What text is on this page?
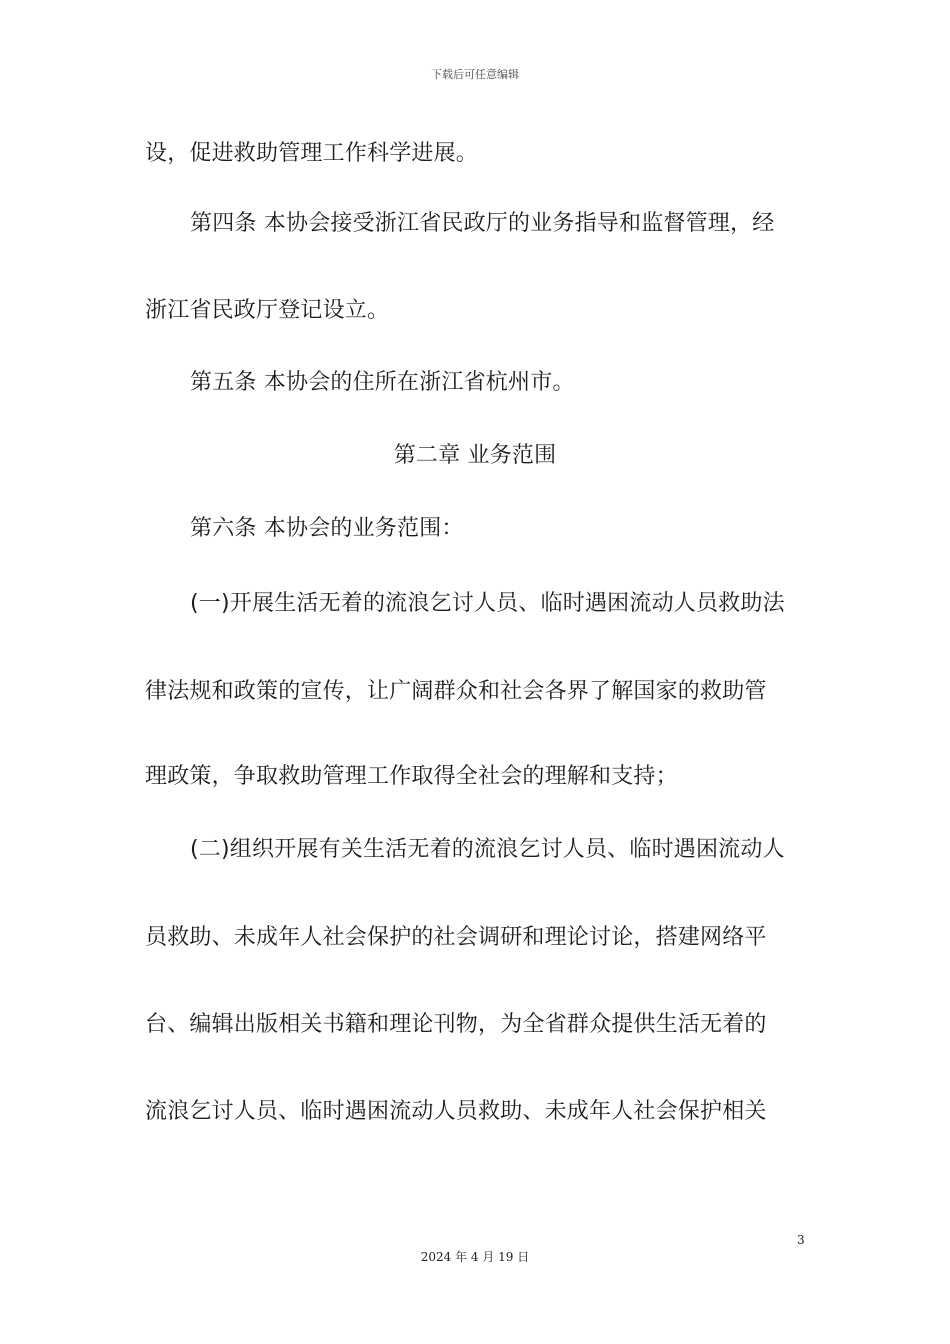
下载后可任意编辑
设，促进救助管理工作科学进展。
第四条 本协会接受浙江省民政厅的业务指导和监督管理，经
浙江省民政厅登记设立。
第五条 本协会的住所在浙江省杭州市。
第二章 业务范围
第六条 本协会的业务范围：
(一)开展生活无着的流浪乞讨人员、临时遇困流动人员救助法
律法规和政策的宣传，让广阔群众和社会各界了解国家的救助管
理政策，争取救助管理工作取得全社会的理解和支持；
(二)组织开展有关生活无着的流浪乞讨人员、临时遇困流动人
员救助、未成年人社会保护的社会调研和理论讨论，搭建网络平
台、编辑出版相关书籍和理论刊物，为全省群众提供生活无着的
流浪乞讨人员、临时遇困流动人员救助、未成年人社会保护相关
3
2024 年 4 月 19 日
